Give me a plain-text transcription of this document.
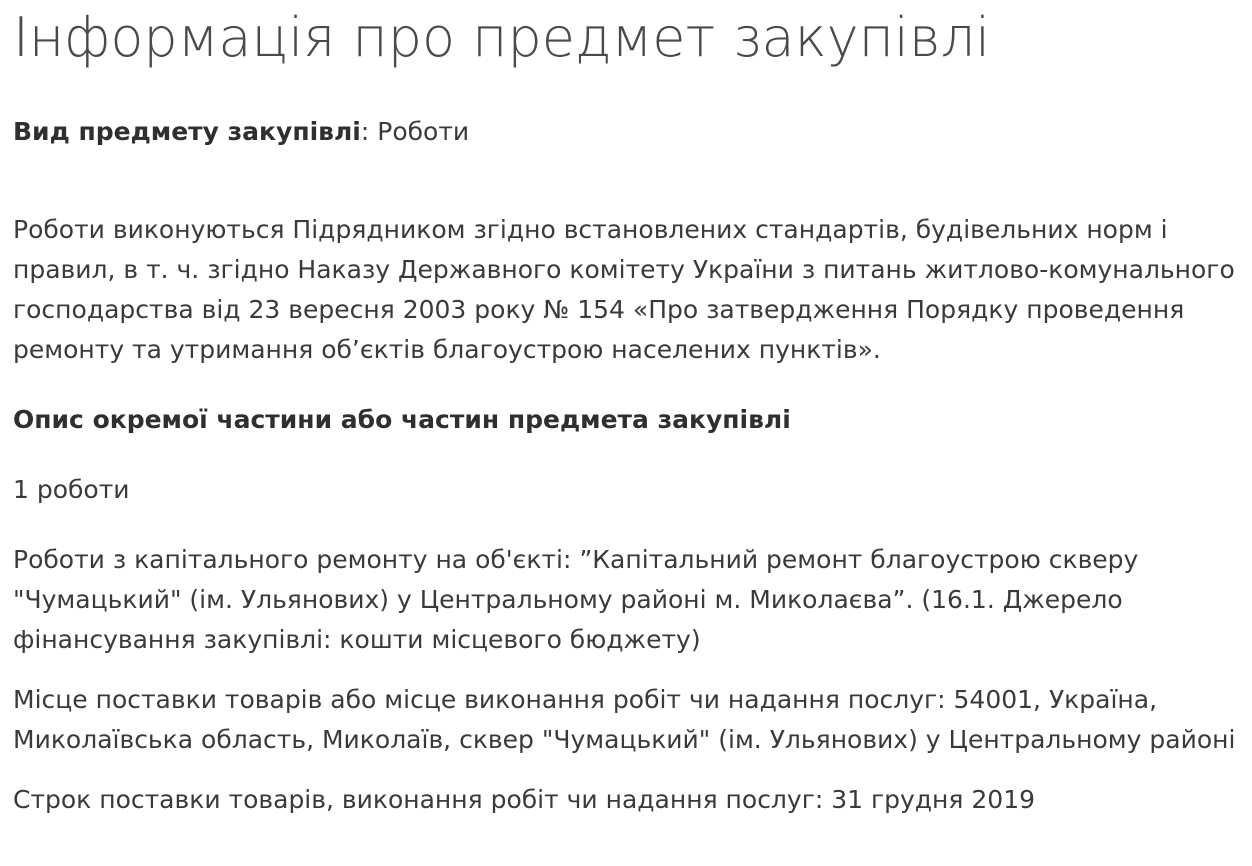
Інформація про предмет закупівлі
Вид предмету закупівлі: Роботи

Роботи виконуються Підрядником згідно встановлених стандартів, будівельних норм і правил, в т. ч. згідно Наказу Державного комітету України з питань житлово-комунального господарства від 23 вересня 2003 року № 154 «Про затвердження Порядку проведення ремонту та утримання об’єктів благоустрою населених пунктів».

Опис окремої частини або частин предмета закупівлі

1 роботи

Роботи з капітального ремонту на об'єкті: ”Капітальний ремонт благоустрою скверу "Чумацький" (ім. Ульянових) у Центральному районі м. Миколаєва”. (16.1. Джерело фінансування закупівлі: кошти місцевого бюджету)

Місце поставки товарів або місце виконання робіт чи надання послуг: 54001, Україна, Миколаївська область, Миколаїв, сквер "Чумацький" (ім. Ульянових) у Центральному районі

Строк поставки товарів, виконання робіт чи надання послуг: 31 грудня 2019
